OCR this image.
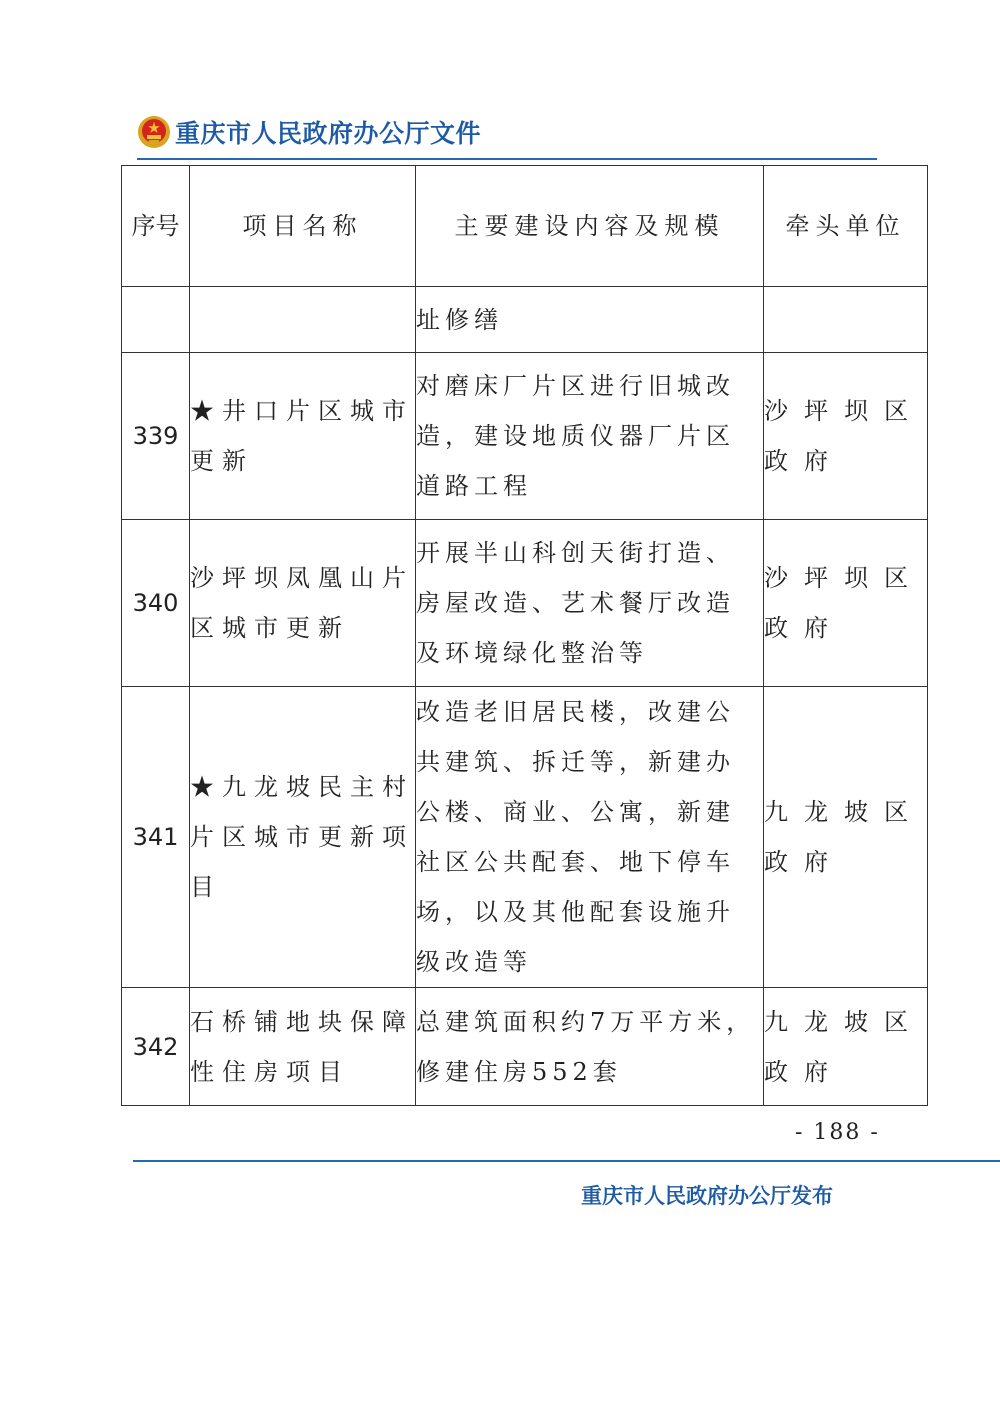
重庆市人民政府办公厅文件
序号	项目名称	主要建设内容及规模	牵头单位
		址修缮	
339	★井口片区城市更新	对磨床厂片区进行旧城改造，建设地质仪器厂片区道路工程	沙坪坝区政府
340	沙坪坝凤凰山片区城市更新	开展半山科创天街打造、房屋改造、艺术餐厅改造及环境绿化整治等	沙坪坝区政府
341	★九龙坡民主村片区城市更新项目	改造老旧居民楼，改建公共建筑、拆迁等，新建办公楼、商业、公寓，新建社区公共配套、地下停车场，以及其他配套设施升级改造等	九龙坡区政府
342	石桥铺地块保障性住房项目	总建筑面积约7万平方米，修建住房552套	九龙坡区政府
- 188 -
重庆市人民政府办公厅发布
